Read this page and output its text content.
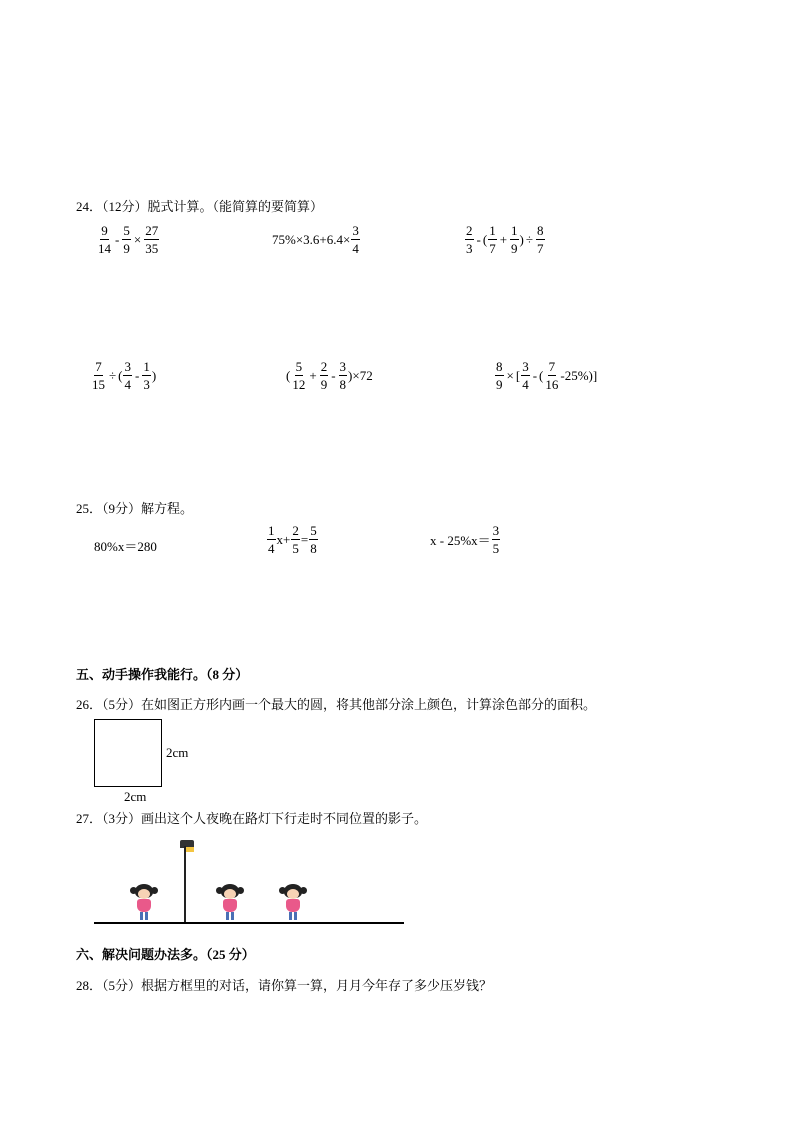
24．（12分）脱式计算。（能简算的要简算）
$\frac{9}{14} - \frac{5}{9} \times \frac{27}{35}$	$75\%\times 3.6+6.4\times \frac{3}{4}$	$\frac{2}{3}$ - ( $\frac{1}{7} + \frac{1}{9}$ ) ÷ $\frac{8}{7}$
$\frac{7}{15}$ ÷ ( $\frac{3}{4} - \frac{1}{3}$ )	( $\frac{5}{12} + \frac{2}{9} - \frac{3}{8}$ ) ×72	$\frac{8}{9}$ × [ $\frac{3}{4}$ - ( $\frac{7}{16} -25\%$ ) ]
25．（9分）解方程。
80%x＝280	$\frac{1}{4}$ $x + \frac{2}{5} = \frac{5}{8}$	$x - 25\%x= \frac{3}{5}$
五、动手操作我能行。（8 分）
26．（5分）在如图正方形内画一个最大的圆，将其他部分涂上颜色，计算涂色部分的面积。
2cm
2cm
27．（3分）画出这个人夜晚在路灯下行走时不同位置的影子。
六、解决问题办法多。（25 分）
28．（5分）根据方框里的对话，请你算一算，月月今年存了多少压岁钱？
